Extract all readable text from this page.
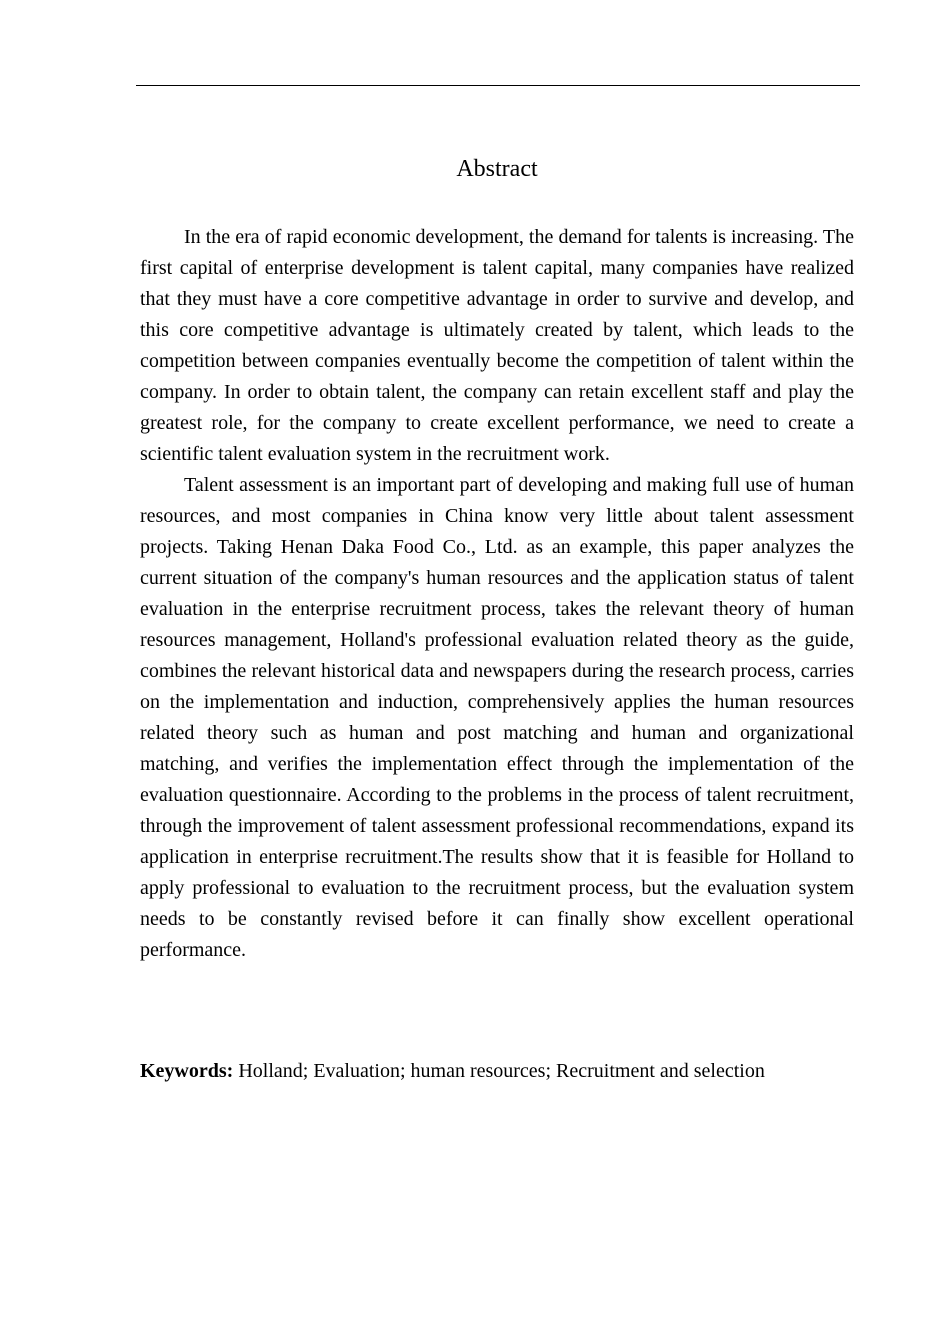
Abstract

In the era of rapid economic development, the demand for talents is increasing. The first capital of enterprise development is talent capital, many companies have realized that they must have a core competitive advantage in order to survive and develop, and this core competitive advantage is ultimately created by talent, which leads to the competition between companies eventually become the competition of talent within the company. In order to obtain talent, the company can retain excellent staff and play the greatest role, for the company to create excellent performance, we need to create a scientific talent evaluation system in the recruitment work.

Talent assessment is an important part of developing and making full use of human resources, and most companies in China know very little about talent assessment projects. Taking Henan Daka Food Co., Ltd. as an example, this paper analyzes the current situation of the company's human resources and the application status of talent evaluation in the enterprise recruitment process, takes the relevant theory of human resources management, Holland's professional evaluation related theory as the guide, combines the relevant historical data and newspapers during the research process, carries on the implementation and induction, comprehensively applies the human resources related theory such as human and post matching and human and organizational matching, and verifies the implementation effect through the implementation of the evaluation questionnaire. According to the problems in the process of talent recruitment, through the improvement of talent assessment professional recommendations, expand its application in enterprise recruitment.The results show that it is feasible for Holland to apply professional to evaluation to the recruitment process, but the evaluation system needs to be constantly revised before it can finally show excellent operational performance.

Keywords: Holland; Evaluation; human resources; Recruitment and selection
